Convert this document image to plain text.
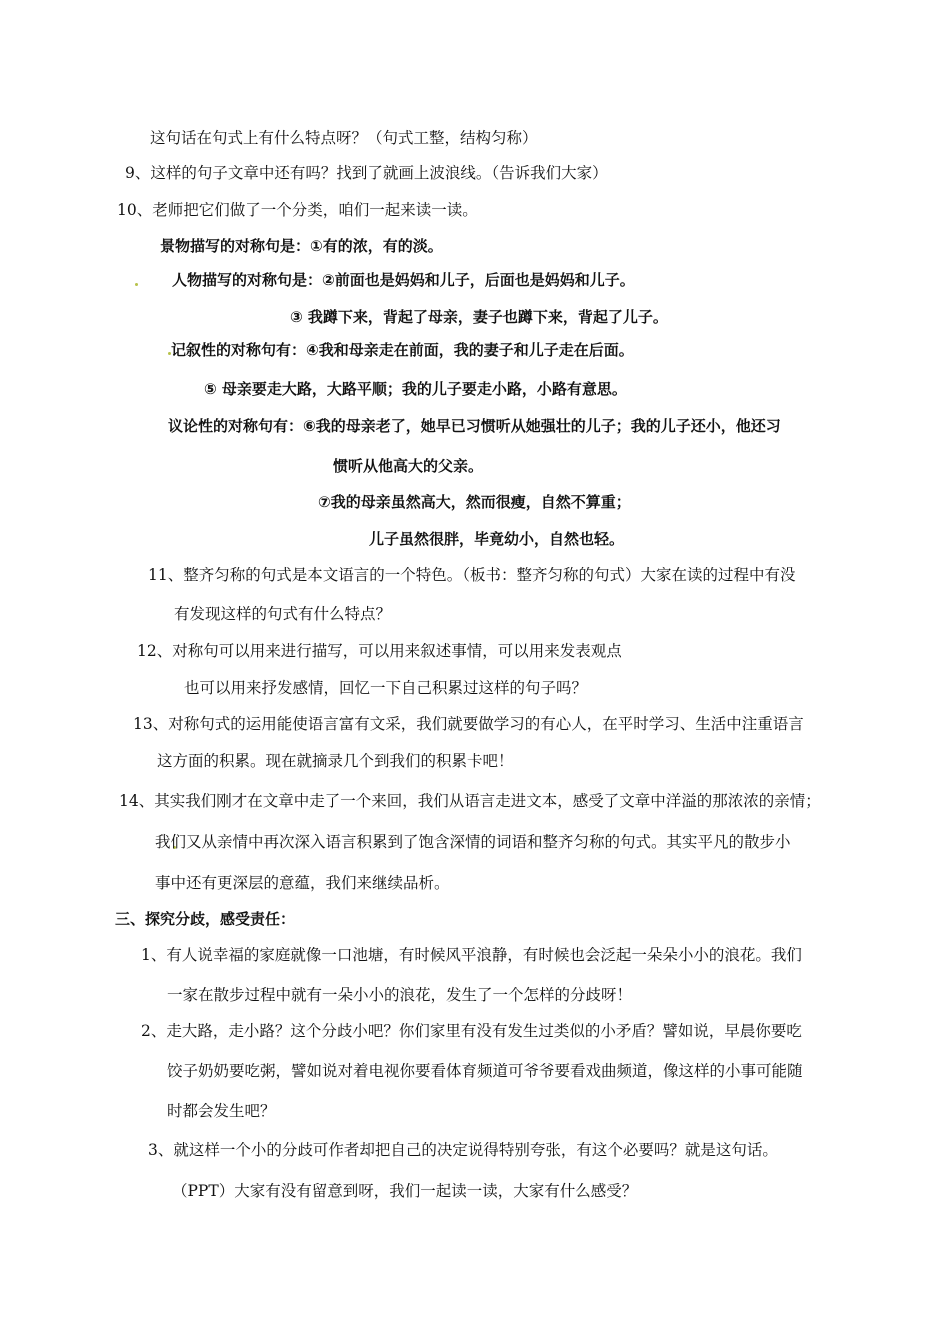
这句话在句式上有什么特点呀？（句式工整，结构匀称）
9、这样的句子文章中还有吗？找到了就画上波浪线。（告诉我们大家）
10、老师把它们做了一个分类，咱们一起来读一读。
景物描写的对称句是：①有的浓，有的淡。
人物描写的对称句是：②前面也是妈妈和儿子，后面也是妈妈和儿子。
③ 我蹲下来，背起了母亲，妻子也蹲下来，背起了儿子。
记叙性的对称句有：④我和母亲走在前面，我的妻子和儿子走在后面。
⑤ 母亲要走大路，大路平顺；我的儿子要走小路，小路有意思。
议论性的对称句有：⑥我的母亲老了，她早已习惯听从她强壮的儿子；我的儿子还小，他还习
惯听从他高大的父亲。
⑦我的母亲虽然高大，然而很瘦，自然不算重；
儿子虽然很胖，毕竟幼小，自然也轻。
11、整齐匀称的句式是本文语言的一个特色。（板书：整齐匀称的句式）大家在读的过程中有没
有发现这样的句式有什么特点？
12、对称句可以用来进行描写，可以用来叙述事情，可以用来发表观点
也可以用来抒发感情，回忆一下自己积累过这样的句子吗？
13、对称句式的运用能使语言富有文采，我们就要做学习的有心人，在平时学习、生活中注重语言
这方面的积累。现在就摘录几个到我们的积累卡吧！
14、其实我们刚才在文章中走了一个来回，我们从语言走进文本，感受了文章中洋溢的那浓浓的亲情；
我们又从亲情中再次深入语言积累到了饱含深情的词语和整齐匀称的句式。其实平凡的散步小
事中还有更深层的意蕴，我们来继续品析。
三、探究分歧，感受责任：
1、有人说幸福的家庭就像一口池塘，有时候风平浪静，有时候也会泛起一朵朵小小的浪花。我们
一家在散步过程中就有一朵小小的浪花，发生了一个怎样的分歧呀！
2、走大路，走小路？这个分歧小吧？你们家里有没有发生过类似的小矛盾？譬如说，早晨你要吃
饺子奶奶要吃粥，譬如说对着电视你要看体育频道可爷爷要看戏曲频道，像这样的小事可能随
时都会发生吧？
3、就这样一个小的分歧可作者却把自己的决定说得特别夸张，有这个必要吗？就是这句话。
（PPT）大家有没有留意到呀，我们一起读一读，大家有什么感受？
